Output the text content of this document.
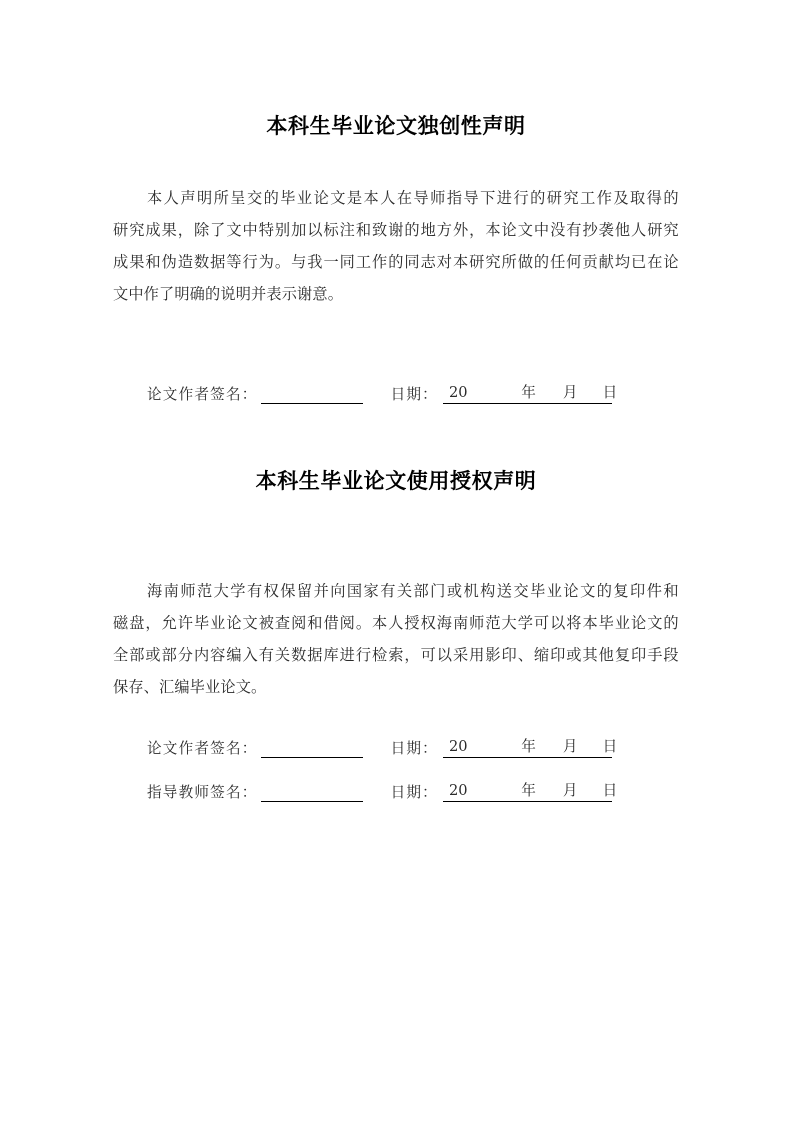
本科生毕业论文独创性声明
本 人 声 明 所 呈 交 的 毕 业 论 文 是 本 人 在 导 师 指 导 下 进 行 的 研 究 工 作 及 取 得 的
研 究 成 果 ， 除 了 文 中 特 别 加 以 标 注 和 致 谢 的 地 方 外 ， 本 论 文 中 没 有 抄 袭 他 人 研 究
成 果 和 伪 造 数 据 等 行 为 。 与 我 一 同 工 作 的 同 志 对 本 研 究 所 做 的 任 何 贡 献 均 已 在 论
文中作了明确的说明并表示谢意。
论文作者签名：	日期： 20	年 月 日
本科生毕业论文使用授权声明
海 南 师 范 大 学 有 权 保 留 并 向 国 家 有 关 部 门 或 机 构 送 交 毕 业 论 文 的 复 印 件 和
磁 盘 ， 允 许 毕 业 论 文 被 查 阅 和 借 阅 。 本 人 授 权 海 南 师 范 大 学 可 以 将 本 毕 业 论 文 的
全 部 或 部 分 内 容 编 入 有 关 数 据 库 进 行 检 索 ， 可 以 采 用 影 印 、 缩 印 或 其 他 复 印 手 段
保存、汇编毕业论文。
论文作者签名：	日期： 20	年 月 日
指导教师签名：	日期： 20	年 月 日
